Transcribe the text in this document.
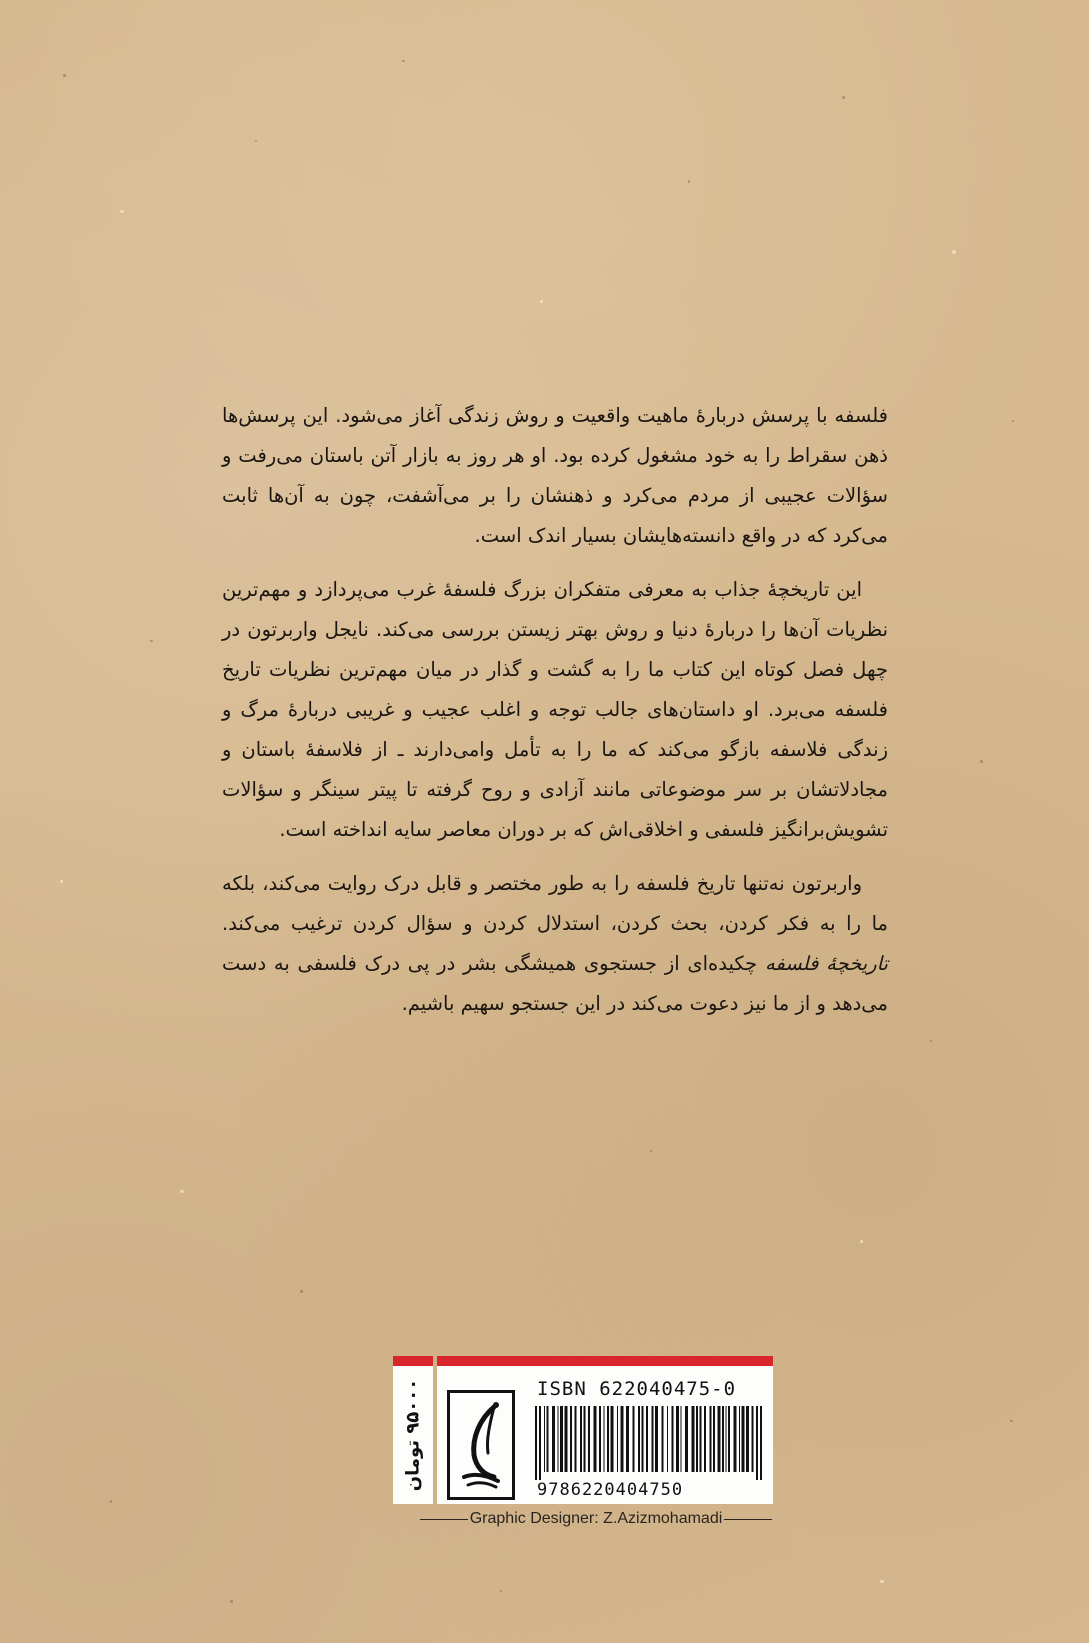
فلسفه با پرسش دربارهٔ ماهیت واقعیت و روش زندگی آغاز می‌شود. این پرسش‌ها ذهن سقراط را به خود مشغول کرده بود. او هر روز به بازار آتن باستان می‌رفت و سؤالات عجیبی از مردم می‌کرد و ذهنشان را بر می‌آشفت، چون به آن‌ها ثابت می‌کرد که در واقع دانسته‌هایشان بسیار اندک است.

این تاریخچهٔ جذاب به معرفی متفکران بزرگ فلسفهٔ غرب می‌پردازد و مهم‌ترین نظریات آن‌ها را دربارهٔ دنیا و روش بهتر زیستن بررسی می‌کند. نایجل واربرتون در چهل فصل کوتاه این کتاب ما را به گشت و گذار در میان مهم‌ترین نظریات تاریخ فلسفه می‌برد. او داستان‌های جالب توجه و اغلب عجیب و غریبی دربارهٔ مرگ و زندگی فلاسفه بازگو می‌کند که ما را به تأمل وامی‌دارند ـ از فلاسفهٔ باستان و مجادلاتشان بر سر موضوعاتی مانند آزادی و روح گرفته تا پیتر سینگر و سؤالات تشویش‌برانگیز فلسفی و اخلاقی‌اش که بر دوران معاصر سایه انداخته است.

واربرتون نه‌تنها تاریخ فلسفه را به طور مختصر و قابل درک روایت می‌کند، بلکه ما را به فکر کردن، بحث کردن، استدلال کردن و سؤال کردن ترغیب می‌کند. تاریخچهٔ فلسفه چکیده‌ای از جستجوی همیشگی بشر در پی درک فلسفی به دست می‌دهد و از ما نیز دعوت می‌کند در این جستجو سهیم باشیم.

۹۵۰۰۰ تومان	ISBN 622040475-0
9786220404750
Graphic Designer: Z.Azizmohamadi
